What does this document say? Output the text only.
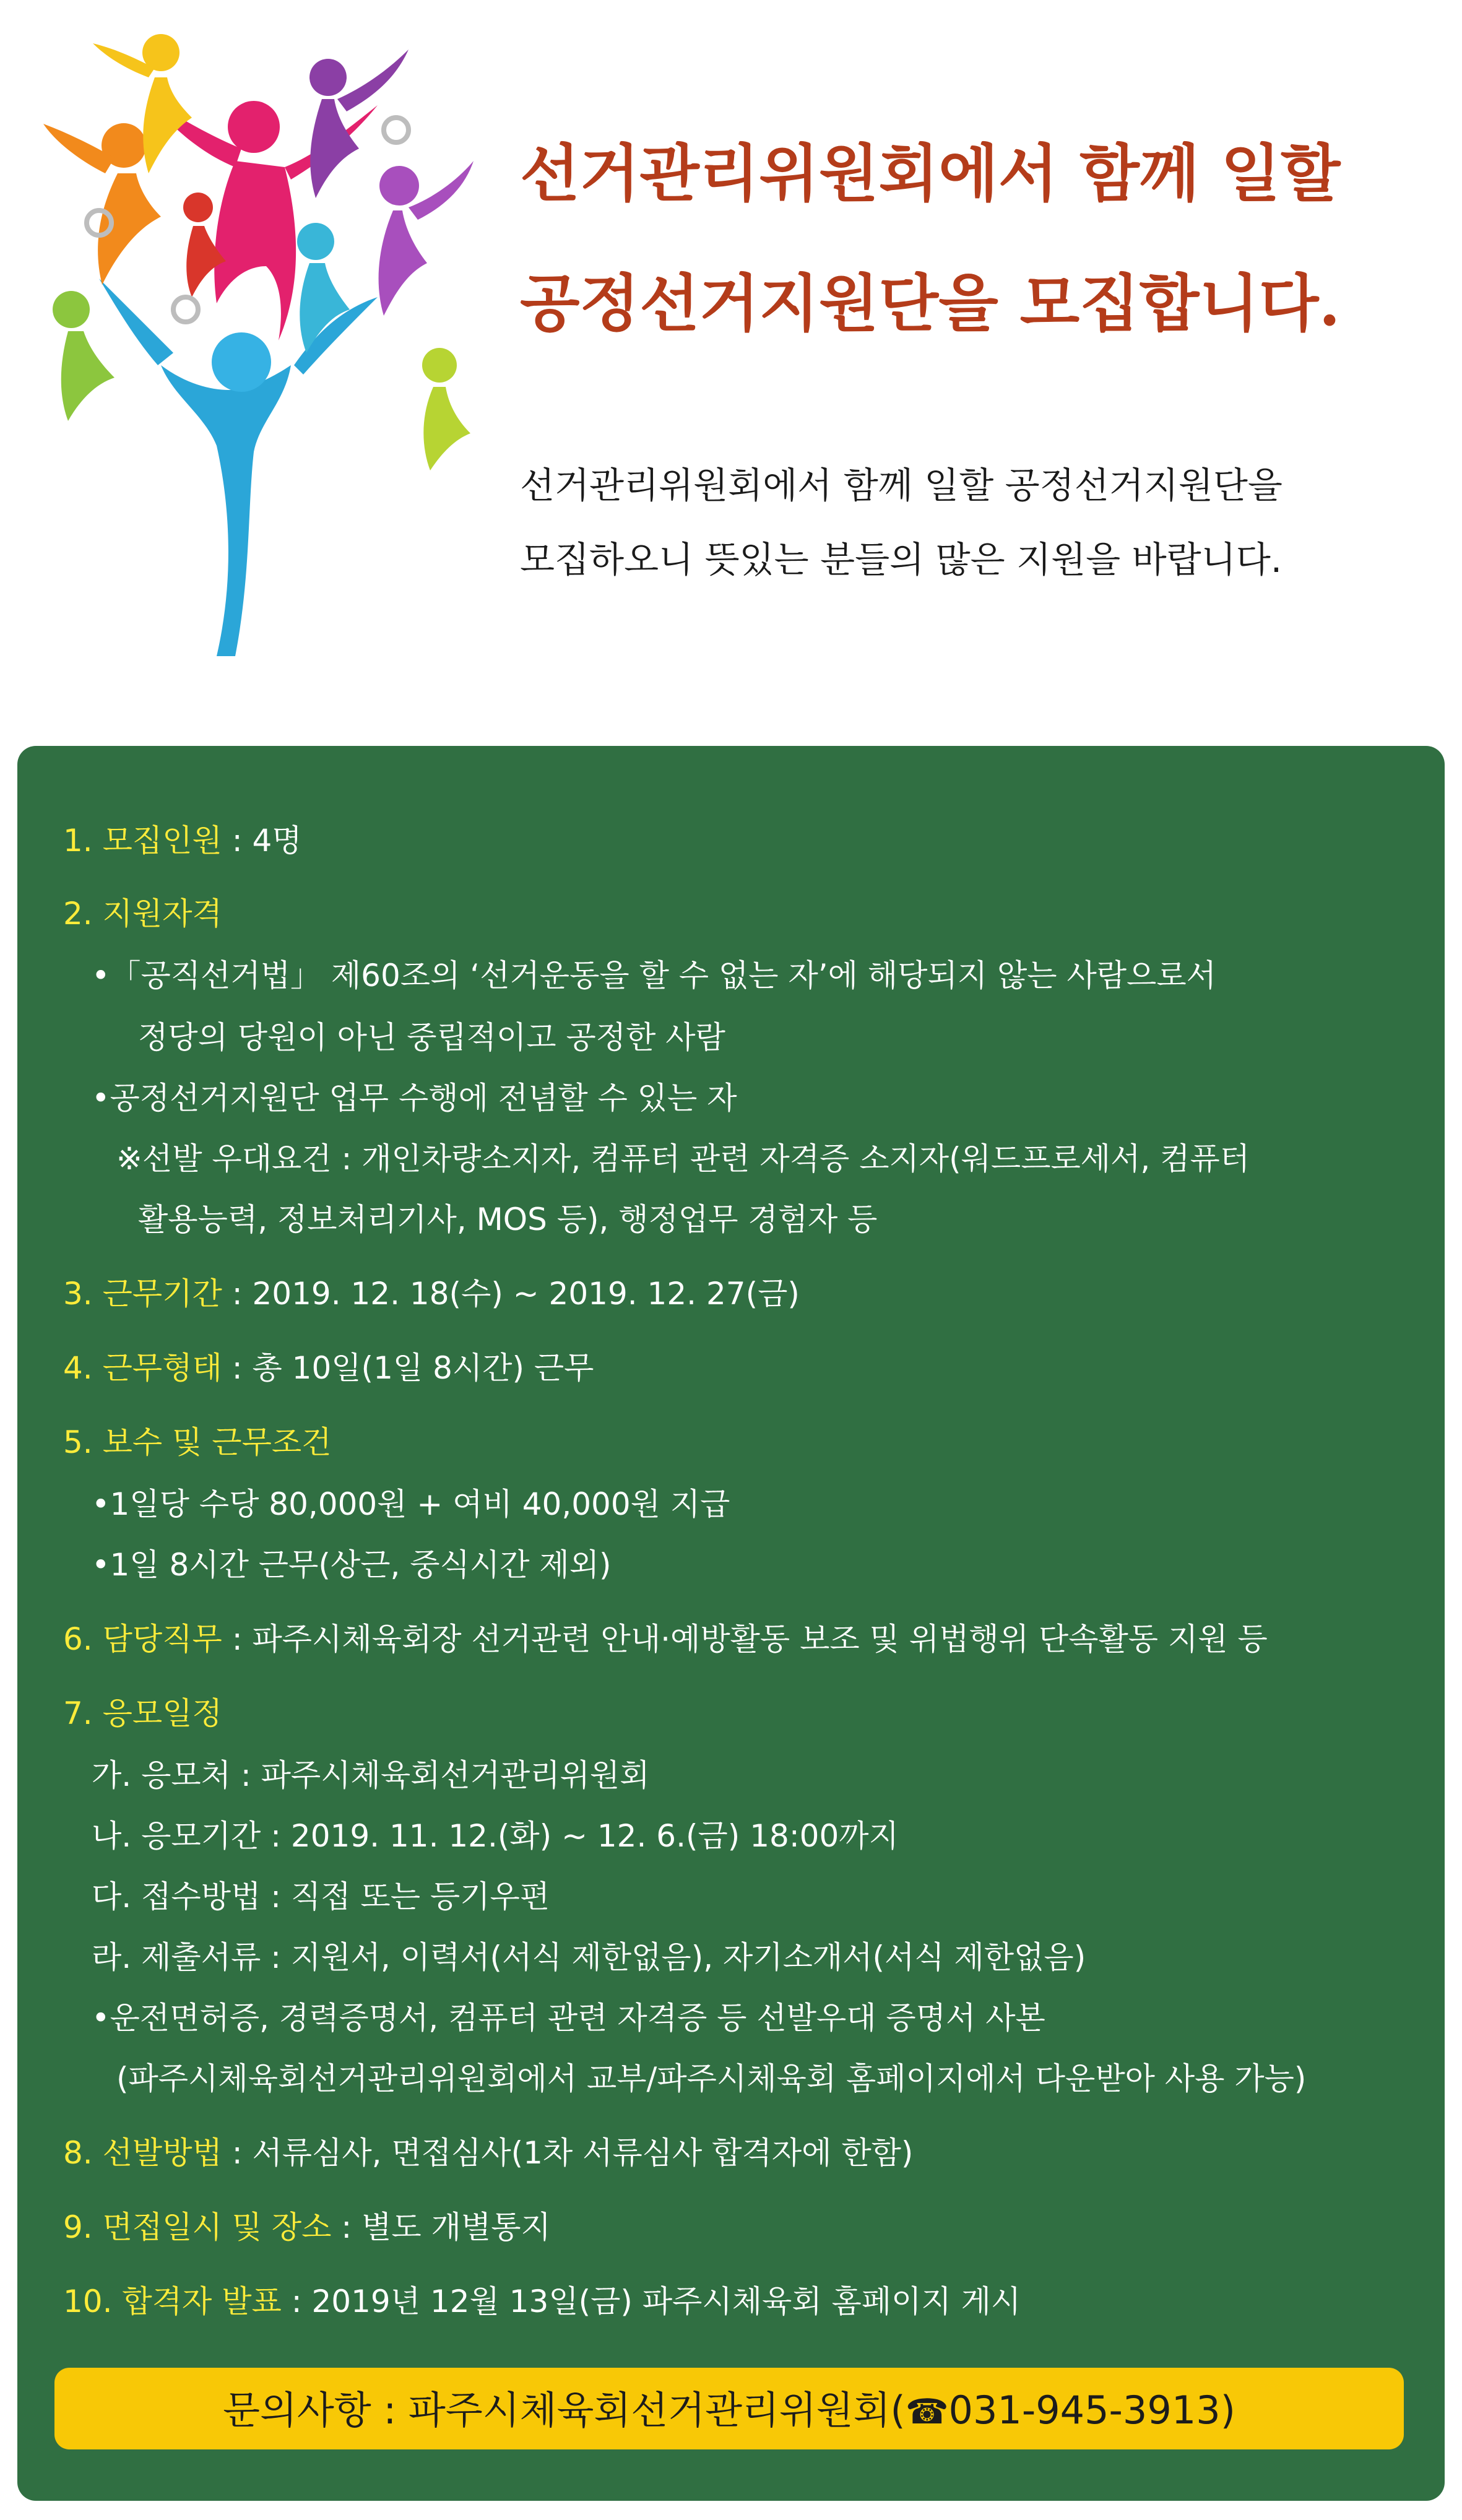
선거관리위원회에서 함께 일할
공정선거지원단을 모집합니다.
선거관리위원회에서 함께 일할 공정선거지원단을
모집하오니 뜻있는 분들의 많은 지원을 바랍니다.
1. 모집인원 : 4명
2. 지원자격
•「공직선거법」 제60조의 ‘선거운동을 할 수 없는 자’에 해당되지 않는 사람으로서
정당의 당원이 아닌 중립적이고 공정한 사람
•공정선거지원단 업무 수행에 전념할 수 있는 자
※선발 우대요건 : 개인차량소지자, 컴퓨터 관련 자격증 소지자(워드프로세서, 컴퓨터
활용능력, 정보처리기사, MOS 등), 행정업무 경험자 등
3. 근무기간 : 2019. 12. 18(수) ~ 2019. 12. 27(금)
4. 근무형태 : 총 10일(1일 8시간) 근무
5. 보수 및 근무조건
•1일당 수당 80,000원 + 여비 40,000원 지급
•1일 8시간 근무(상근, 중식시간 제외)
6. 담당직무 : 파주시체육회장 선거관련 안내·예방활동 보조 및 위법행위 단속활동 지원 등
7. 응모일정
가. 응모처 : 파주시체육회선거관리위원회
나. 응모기간 : 2019. 11. 12.(화) ~ 12. 6.(금) 18:00까지
다. 접수방법 : 직접 또는 등기우편
라. 제출서류 : 지원서, 이력서(서식 제한없음), 자기소개서(서식 제한없음)
•운전면허증, 경력증명서, 컴퓨터 관련 자격증 등 선발우대 증명서 사본
(파주시체육회선거관리위원회에서 교부/파주시체육회 홈페이지에서 다운받아 사용 가능)
8. 선발방법 : 서류심사, 면접심사(1차 서류심사 합격자에 한함)
9. 면접일시 및 장소 : 별도 개별통지
10. 합격자 발표 : 2019년 12월 13일(금) 파주시체육회 홈페이지 게시
문의사항 : 파주시체육회선거관리위원회(☎031-945-3913)
